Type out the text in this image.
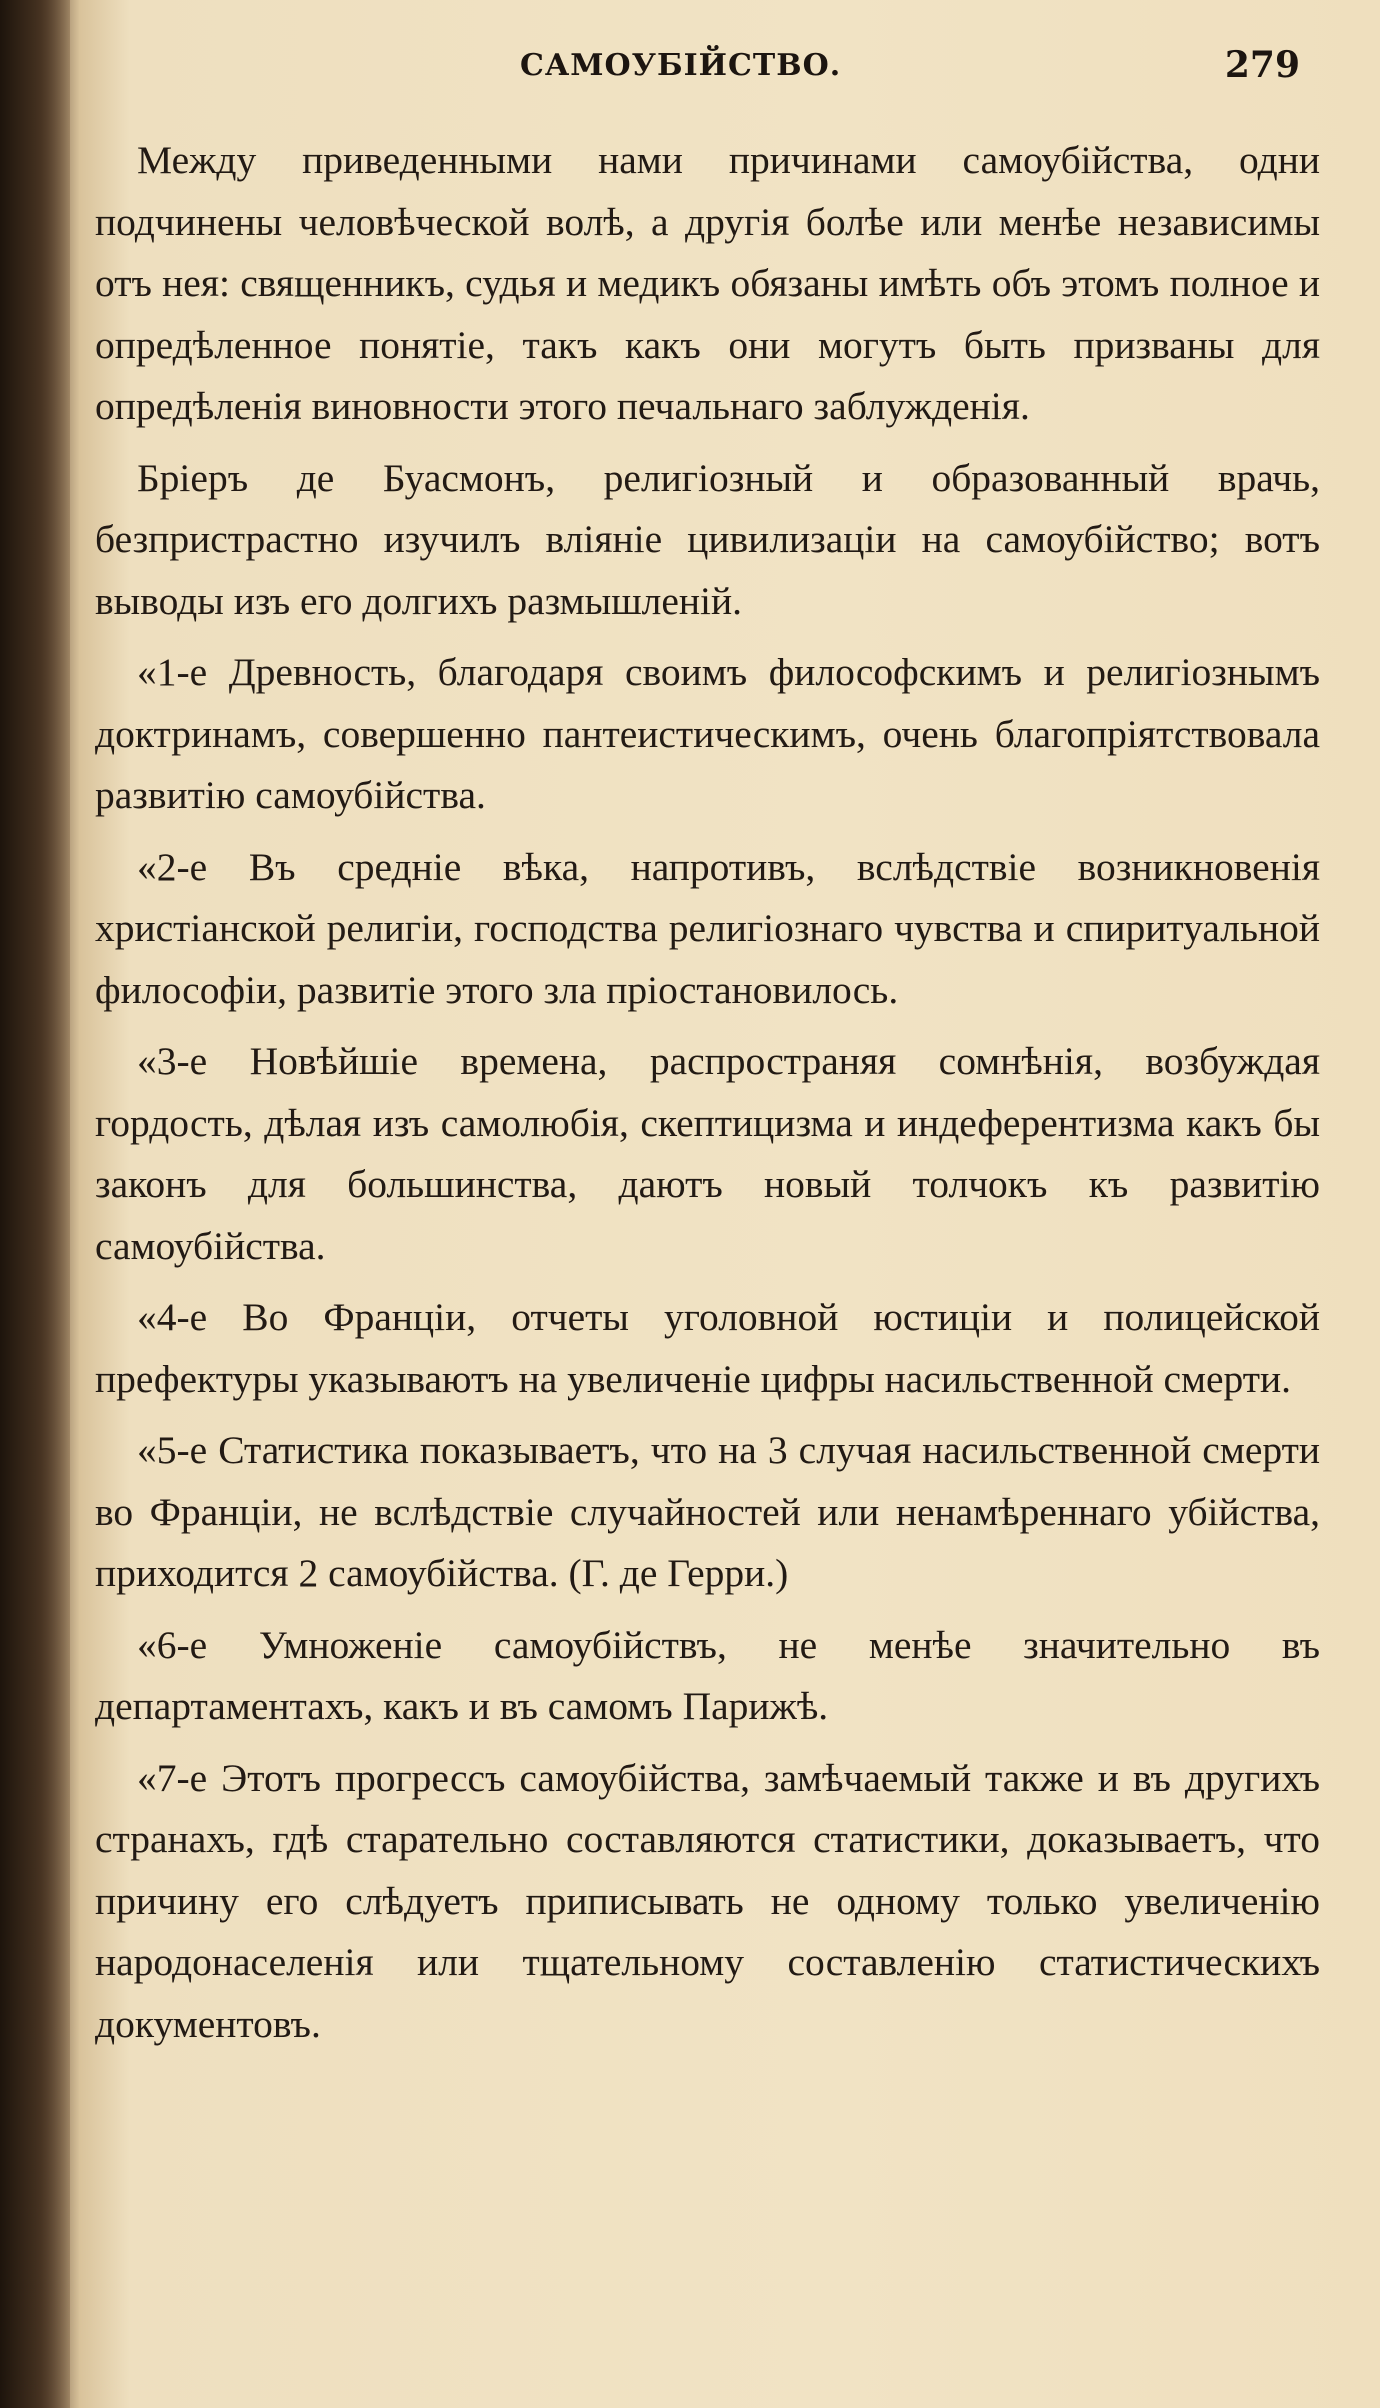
САМОУБІЙСТВО.	279

Между приведенными нами причинами самоубійства, одни подчинены человѣческой волѣ, а другія болѣе или менѣе независимы отъ нея: священникъ, судья и медикъ обязаны имѣть объ этомъ полное и опредѣленное понятіе, такъ какъ они могутъ быть призваны для опредѣленія виновности этого печальнаго заблужденія.

Бріеръ де Буасмонъ, религіозный и образованный врачь, безпристрастно изучилъ вліяніе цивилизаціи на самоубійство; вотъ выводы изъ его долгихъ размышленій.

«1-е Древность, благодаря своимъ философскимъ и религіознымъ доктринамъ, совершенно пантеистическимъ, очень благопріятствовала развитію самоубійства.

«2-е Въ средніе вѣка, напротивъ, вслѣдствіе возникновенія христіанской религіи, господства религіознаго чувства и спиритуальной философіи, развитіе этого зла пріостановилось.

«3-е Новѣйшіе времена, распространяя сомнѣнія, возбуждая гордость, дѣлая изъ самолюбія, скептицизма и индеферентизма какъ бы законъ для большинства, даютъ новый толчокъ къ развитію самоубійства.

«4-е Во Франціи, отчеты уголовной юстиціи и полицейской префектуры указываютъ на увеличеніе цифры насильственной смерти.

«5-е Статистика показываетъ, что на 3 случая насильственной смерти во Франціи, не вслѣдствіе случайностей или ненамѣреннаго убійства, приходится 2 самоубійства. (Г. де Герри.)

«6-е Умноженіе самоубійствъ, не менѣе значительно въ департаментахъ, какъ и въ самомъ Парижѣ.

«7-е Этотъ прогрессъ самоубійства, замѣчаемый также и въ другихъ странахъ, гдѣ старательно составляются статистики, доказываетъ, что причину его слѣдуетъ приписывать не одному только увеличенію народонаселенія или тщательному составленію статистическихъ документовъ.
